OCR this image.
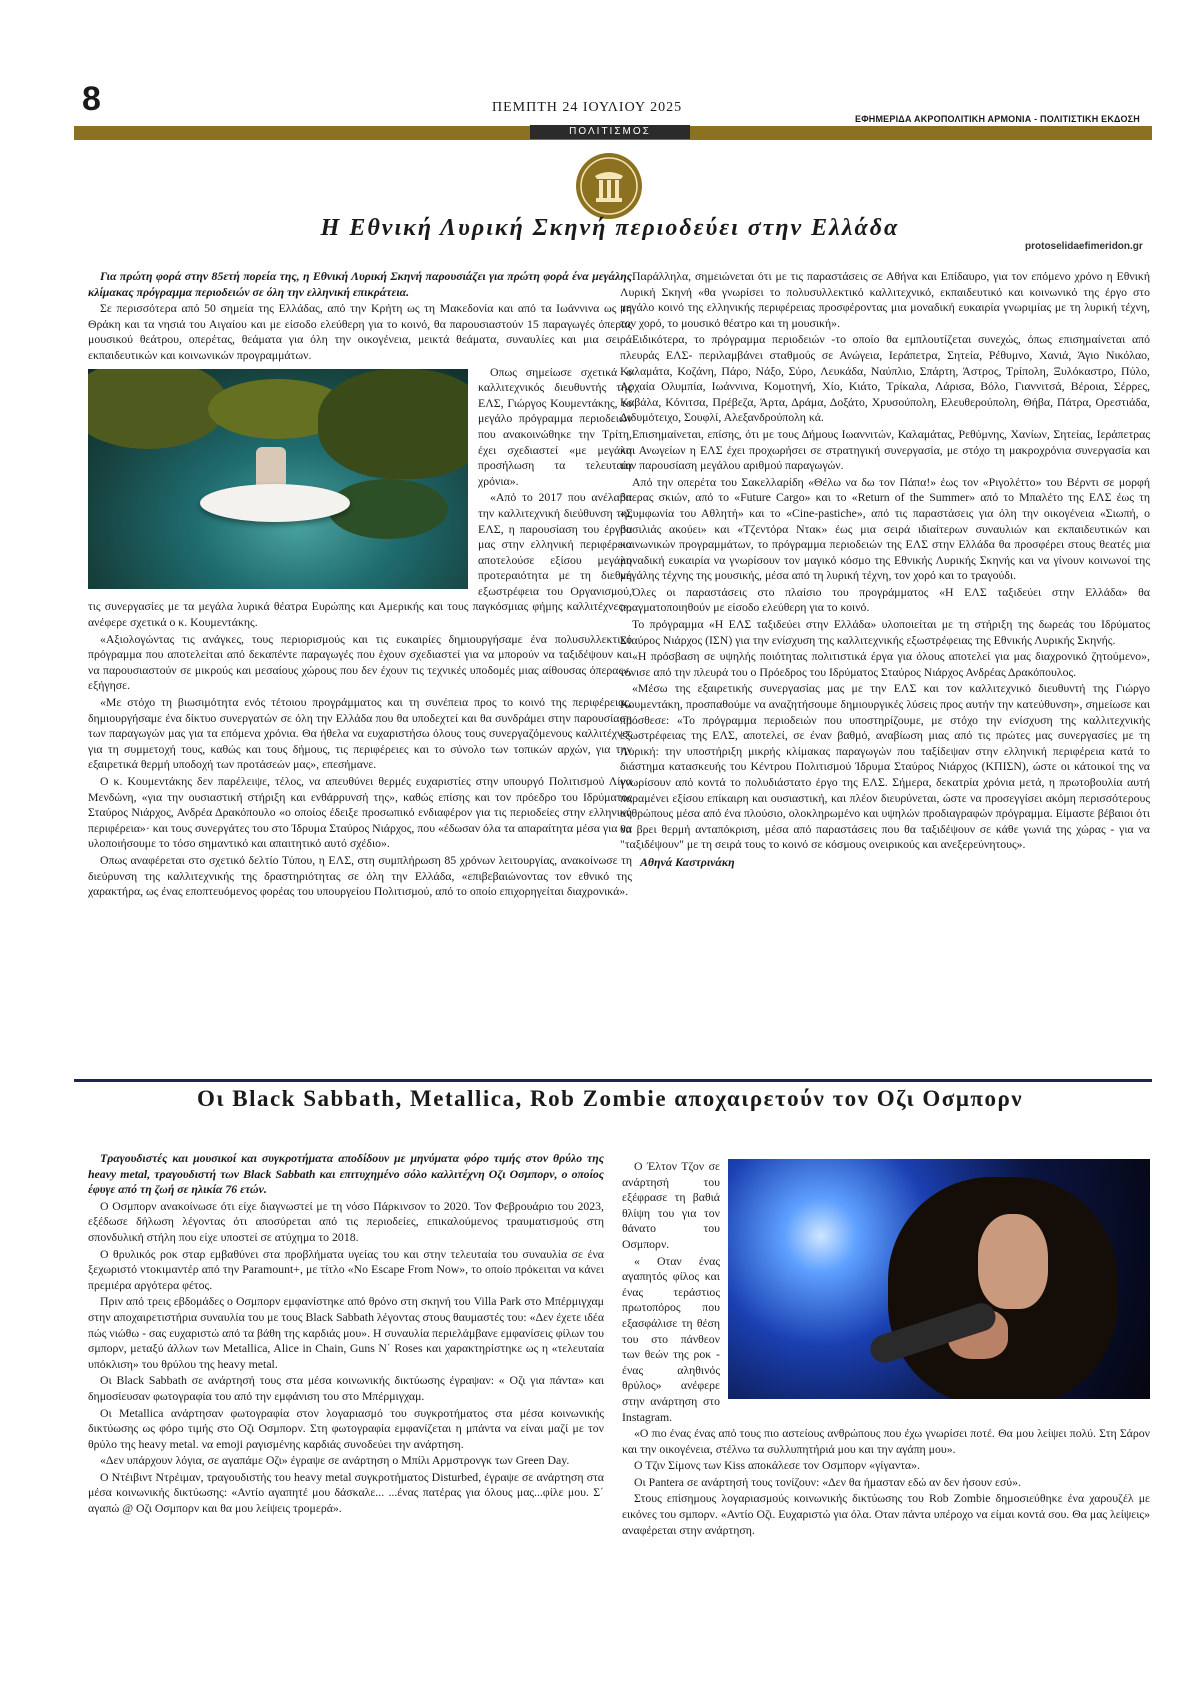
8	ΠΕΜΠΤΗ 24 ΙΟΥΛΙΟΥ 2025
ΕΦΗΜΕΡΙΔΑ ΑΚΡΟΠΟΛΙΤΙΚΗ ΑΡΜΟΝΙΑ - ΠΟΛΙΤΙΣΤΙΚΗ ΕΚΔΟΣΗ
ΠΟΛΙΤΙΣΜΟΣ
Η Εθνική Λυρική Σκηνή περιοδεύει στην Ελλάδα
protoselidaefimeridon.gr

Για πρώτη φορά στην 85ετή πορεία της, η Εθνική Λυρική Σκηνή παρουσιάζει για πρώτη φορά ένα μεγάλης κλίμακας πρόγραμμα περιοδειών σε όλη την ελληνική επικράτεια.

Σε περισσότερα από 50 σημεία της Ελλάδας, από την Κρήτη ως τη Μακεδονία και από τα Ιωάννινα ως τη Θράκη και τα νησιά του Αιγαίου και με είσοδο ελεύθερη για το κοινό, θα παρουσιαστούν 15 παραγωγές όπερας μουσικού θεάτρου, οπερέτας, θεάματα για όλη την οικογένεια, μεικτά θεάματα, συναυλίες και μια σειρά εκπαιδευτικών και κοινωνικών προγραμμάτων.

Οπως σημείωσε σχετικά ο καλλιτεχνικός διευθυντής της ΕΛΣ, Γιώργος Κουμεντάκης, το μεγάλο πρόγραμμα περιοδειών που ανακοινώθηκε την Τρίτη, έχει σχεδιαστεί «με μεγάλη προσήλωση τα τελευταία χρόνια».

«Από το 2017 που ανέλαβα την καλλιτεχνική διεύθυνση της ΕΛΣ, η παρουσίαση του έργου μας στην ελληνική περιφέρεια αποτελούσε εξίσου μεγάλη προτεραιότητα με τη διεθνή εξωστρέφεια του Οργανισμού, τις συνεργασίες με τα μεγάλα λυρικά θέατρα Ευρώπης και Αμερικής και τους παγκόσμιας φήμης καλλιτέχνες», ανέφερε σχετικά ο κ. Κουμεντάκης.

«Αξιολογώντας τις ανάγκες, τους περιορισμούς και τις ευκαιρίες δημιουργήσαμε ένα πολυσυλλεκτικό πρόγραμμα που αποτελείται από δεκαπέντε παραγωγές που έχουν σχεδιαστεί για να μπορούν να ταξιδέψουν και να παρουσιαστούν σε μικρούς και μεσαίους χώρους που δεν έχουν τις τεχνικές υποδομές μιας αίθουσας όπερας», εξήγησε.

«Με στόχο τη βιωσιμότητα ενός τέτοιου προγράμματος και τη συνέπεια προς το κοινό της περιφέρειας, δημιουργήσαμε ένα δίκτυο συνεργατών σε όλη την Ελλάδα που θα υποδεχτεί και θα συνδράμει στην παρουσίαση των παραγωγών μας για τα επόμενα χρόνια. Θα ήθελα να ευχαριστήσω όλους τους συνεργαζόμενους καλλιτέχνες για τη συμμετοχή τους, καθώς και τους δήμους, τις περιφέρειες και το σύνολο των τοπικών αρχών, για την εξαιρετικά θερμή υποδοχή των προτάσεών μας», επεσήμανε.

Ο κ. Κουμεντάκης δεν παρέλειψε, τέλος, να απευθύνει θερμές ευχαριστίες στην υπουργό Πολιτισμού Λίνα Μενδώνη, «για την ουσιαστική στήριξη και ενθάρρυνσή της», καθώς επίσης και τον πρόεδρο του Ιδρύματος Σταύρος Νιάρχος, Ανδρέα Δρακόπουλο «ο οποίος έδειξε προσωπικό ενδιαφέρον για τις περιοδείες στην ελληνική περιφέρεια»· και τους συνεργάτες του στο Ίδρυμα Σταύρος Νιάρχος, που «έδωσαν όλα τα απαραίτητα μέσα για να υλοποιήσουμε το τόσο σημαντικό και απαιτητικό αυτό σχέδιο».

Οπως αναφέρεται στο σχετικό δελτίο Τύπου, η ΕΛΣ, στη συμπλήρωση 85 χρόνων λειτουργίας, ανακοίνωσε τη διεύρυνση της καλλιτεχνικής της δραστηριότητας σε όλη την Ελλάδα, «επιβεβαιώνοντας τον εθνικό της χαρακτήρα, ως ένας εποπτευόμενος φορέας του υπουργείου Πολιτισμού, από το οποίο επιχορηγείται διαχρονικά».

Παράλληλα, σημειώνεται ότι με τις παραστάσεις σε Αθήνα και Επίδαυρο, για τον επόμενο χρόνο η Εθνική Λυρική Σκηνή «θα γνωρίσει το πολυσυλλεκτικό καλλιτεχνικό, εκπαιδευτικό και κοινωνικό της έργο στο μεγάλο κοινό της ελληνικής περιφέρειας προσφέροντας μια μοναδική ευκαιρία γνωριμίας με τη λυρική τέχνη, τον χορό, το μουσικό θέατρο και τη μουσική».

Ειδικότερα, το πρόγραμμα περιοδειών -το οποίο θα εμπλουτίζεται συνεχώς, όπως επισημαίνεται από πλευράς ΕΛΣ- περιλαμβάνει σταθμούς σε Ανώγεια, Ιεράπετρα, Σητεία, Ρέθυμνο, Χανιά, Άγιο Νικόλαο, Καλαμάτα, Κοζάνη, Πάρο, Νάξο, Σύρο, Λευκάδα, Ναύπλιο, Σπάρτη, Άστρος, Τρίπολη, Ξυλόκαστρο, Πύλο, Αρχαία Ολυμπία, Ιωάννινα, Κομοτηνή, Χίο, Κιάτο, Τρίκαλα, Λάρισα, Βόλο, Γιαννιτσά, Βέροια, Σέρρες, Καβάλα, Κόνιτσα, Πρέβεζα, Άρτα, Δράμα, Δοξάτο, Χρυσούπολη, Ελευθερούπολη, Θήβα, Πάτρα, Ορεστιάδα, Διδυμότειχο, Σουφλί, Αλεξανδρούπολη κά.

Επισημαίνεται, επίσης, ότι με τους Δήμους Ιωαννιτών, Καλαμάτας, Ρεθύμνης, Χανίων, Σητείας, Ιεράπετρας και Ανωγείων η ΕΛΣ έχει προχωρήσει σε στρατηγική συνεργασία, με στόχο τη μακροχρόνια συνεργασία και την παρουσίαση μεγάλου αριθμού παραγωγών.

Από την οπερέτα του Σακελλαρίδη «Θέλω να δω τον Πάπα!» έως τον «Ριγολέττο» του Βέρντι σε μορφή όπερας σκιών, από το «Future Cargo» και το «Return of the Summer» από το Μπαλέτο της ΕΛΣ έως τη «Συμφωνία του Αθλητή» και το «Cine-pastiche», από τις παραστάσεις για όλη την οικογένεια «Σιωπή, ο βασιλιάς ακούει» και «Τζεντόρα Ντακ» έως μια σειρά ιδιαίτερων συναυλιών και εκπαιδευτικών και κοινωνικών προγραμμάτων, το πρόγραμμα περιοδειών της ΕΛΣ στην Ελλάδα θα προσφέρει στους θεατές μια μοναδική ευκαιρία να γνωρίσουν τον μαγικό κόσμο της Εθνικής Λυρικής Σκηνής και να γίνουν κοινωνοί της μεγάλης τέχνης της μουσικής, μέσα από τη λυρική τέχνη, τον χορό και το τραγούδι.

Όλες οι παραστάσεις στο πλαίσιο του προγράμματος «Η ΕΛΣ ταξιδεύει στην Ελλάδα» θα πραγματοποιηθούν με είσοδο ελεύθερη για το κοινό.

Το πρόγραμμα «Η ΕΛΣ ταξιδεύει στην Ελλάδα» υλοποιείται με τη στήριξη της δωρεάς του Ιδρύματος Σταύρος Νιάρχος (ΙΣΝ) για την ενίσχυση της καλλιτεχνικής εξωστρέφειας της Εθνικής Λυρικής Σκηνής.

«Η πρόσβαση σε υψηλής ποιότητας πολιτιστικά έργα για όλους αποτελεί για μας διαχρονικό ζητούμενο», τόνισε από την πλευρά του ο Πρόεδρος του Ιδρύματος Σταύρος Νιάρχος Ανδρέας Δρακόπουλος.

«Μέσω της εξαιρετικής συνεργασίας μας με την ΕΛΣ και τον καλλιτεχνικό διευθυντή της Γιώργο Κουμεντάκη, προσπαθούμε να αναζητήσουμε δημιουργικές λύσεις προς αυτήν την κατεύθυνση», σημείωσε και πρόσθεσε: «Το πρόγραμμα περιοδειών που υποστηρίζουμε, με στόχο την ενίσχυση της καλλιτεχνικής εξωστρέφειας της ΕΛΣ, αποτελεί, σε έναν βαθμό, αναβίωση μιας από τις πρώτες μας συνεργασίες με τη Λυρική: την υποστήριξη μικρής κλίμακας παραγωγών που ταξίδεψαν στην ελληνική περιφέρεια κατά το διάστημα κατασκευής του Κέντρου Πολιτισμού Ίδρυμα Σταύρος Νιάρχος (ΚΠΙΣΝ), ώστε οι κάτοικοί της να γνωρίσουν από κοντά το πολυδιάστατο έργο της ΕΛΣ. Σήμερα, δεκατρία χρόνια μετά, η πρωτοβουλία αυτή παραμένει εξίσου επίκαιρη και ουσιαστική, και πλέον διευρύνεται, ώστε να προσεγγίσει ακόμη περισσότερους ανθρώπους μέσα από ένα πλούσιο, ολοκληρωμένο και υψηλών προδιαγραφών πρόγραμμα. Είμαστε βέβαιοι ότι θα βρει θερμή ανταπόκριση, μέσα από παραστάσεις που θα ταξιδέψουν σε κάθε γωνιά της χώρας - για να "ταξιδέψουν" με τη σειρά τους το κοινό σε κόσμους ονειρικούς και ανεξερεύνητους».

Αθηνά Καστρινάκη
Οι Black Sabbath, Metallica, Rob Zombie αποχαιρετούν τον Οζι Οσμπορν

Τραγουδιστές και μουσικοί και συγκροτήματα αποδίδουν με μηνύματα φόρο τιμής στον θρύλο της heavy metal, τραγουδιστή των Black Sabbath και επιτυχημένο σόλο καλλιτέχνη Οζι Οσμπορν, ο οποίος έφυγε από τη ζωή σε ηλικία 76 ετών.

Ο Οσμπορν ανακοίνωσε ότι είχε διαγνωστεί με τη νόσο Πάρκινσον το 2020. Τον Φεβρουάριο του 2023, εξέδωσε δήλωση λέγοντας ότι αποσύρεται από τις περιοδείες, επικαλούμενος τραυματισμούς στη σπονδυλική στήλη που είχε υποστεί σε ατύχημα το 2018.

Ο θρυλικός ροκ σταρ εμβαθύνει στα προβλήματα υγείας του και στην τελευταία του συναυλία σε ένα ξεχωριστό ντοκιμαντέρ από την Paramount+, με τίτλο «No Escape From Now», το οποίο πρόκειται να κάνει πρεμιέρα αργότερα φέτος.

Πριν από τρεις εβδομάδες ο Οσμπορν εμφανίστηκε από θρόνο στη σκηνή του Villa Park στο Μπέρμιγχαμ στην αποχαιρετιστήρια συναυλία του με τους Black Sabbath λέγοντας στους θαυμαστές του: «Δεν έχετε ιδέα πώς νιώθω - σας ευχαριστώ από τα βάθη της καρδιάς μου». Η συναυλία περιελάμβανε εμφανίσεις φίλων του σμπορν, μεταξύ άλλων των Metallica, Alice in Chain, Guns N΄ Roses και χαρακτηρίστηκε ως η «τελευταία υπόκλιση» του θρύλου της heavy metal.

Οι Black Sabbath σε ανάρτησή τους στα μέσα κοινωνικής δικτύωσης έγραψαν: « Οζι για πάντα» και δημοσίευσαν φωτογραφία του από την εμφάνιση του στο Μπέρμιγχαμ.

Οι Metallica ανάρτησαν φωτογραφία στον λογαριασμό του συγκροτήματος στα μέσα κοινωνικής δικτύωσης ως φόρο τιμής στο Οζι Οσμπορν. Στη φωτογραφία εμφανίζεται η μπάντα να είναι μαζί με τον θρύλο της heavy metal. να emoji ραγισμένης καρδιάς συνοδεύει την ανάρτηση.

«Δεν υπάρχουν λόγια, σε αγαπάμε Οζι» έγραψε σε ανάρτηση ο Μπίλι Αρμστρονγκ των Green Day.

Ο Ντέιβιντ Ντρέιμαν, τραγουδιστής του heavy metal συγκροτήματος Disturbed, έγραψε σε ανάρτηση στα μέσα κοινωνικής δικτύωσης: «Αντίο αγαπητέ μου δάσκαλε... ...ένας πατέρας για όλους μας...φίλε μου. Σ΄ αγαπώ @ Οζι Οσμπορν και θα μου λείψεις τρομερά».

Ο Έλτον Τζον σε ανάρτησή του εξέφρασε τη βαθιά θλίψη του για τον θάνατο του Οσμπορν.

« Οταν ένας αγαπητός φίλος και ένας τεράστιος πρωτοπόρος που εξασφάλισε τη θέση του στο πάνθεον των θεών της ροκ - ένας αληθινός θρύλος» ανέφερε στην ανάρτηση στο Instagram.

«Ο πιο ένας ένας από τους πιο αστείους ανθρώπους που έχω γνωρίσει ποτέ. Θα μου λείψει πολύ. Στη Σάρον και την οικογένεια, στέλνω τα συλλυπητήριά μου και την αγάπη μου».

Ο Τζιν Σίμονς των Kiss αποκάλεσε τον Οσμπορν «γίγαντα».

Οι Pantera σε ανάρτησή τους τονίζουν: «Δεν θα ήμασταν εδώ αν δεν ήσουν εσύ».

Στους επίσημους λογαριασμούς κοινωνικής δικτύωσης του Rob Zombie δημοσιεύθηκε ένα χαρουζέλ με εικόνες του σμπορν. «Αντίο Οζι. Ευχαριστώ για όλα. Οταν πάντα υπέροχο να είμαι κοντά σου. Θα μας λείψεις» αναφέρεται στην ανάρτηση.
